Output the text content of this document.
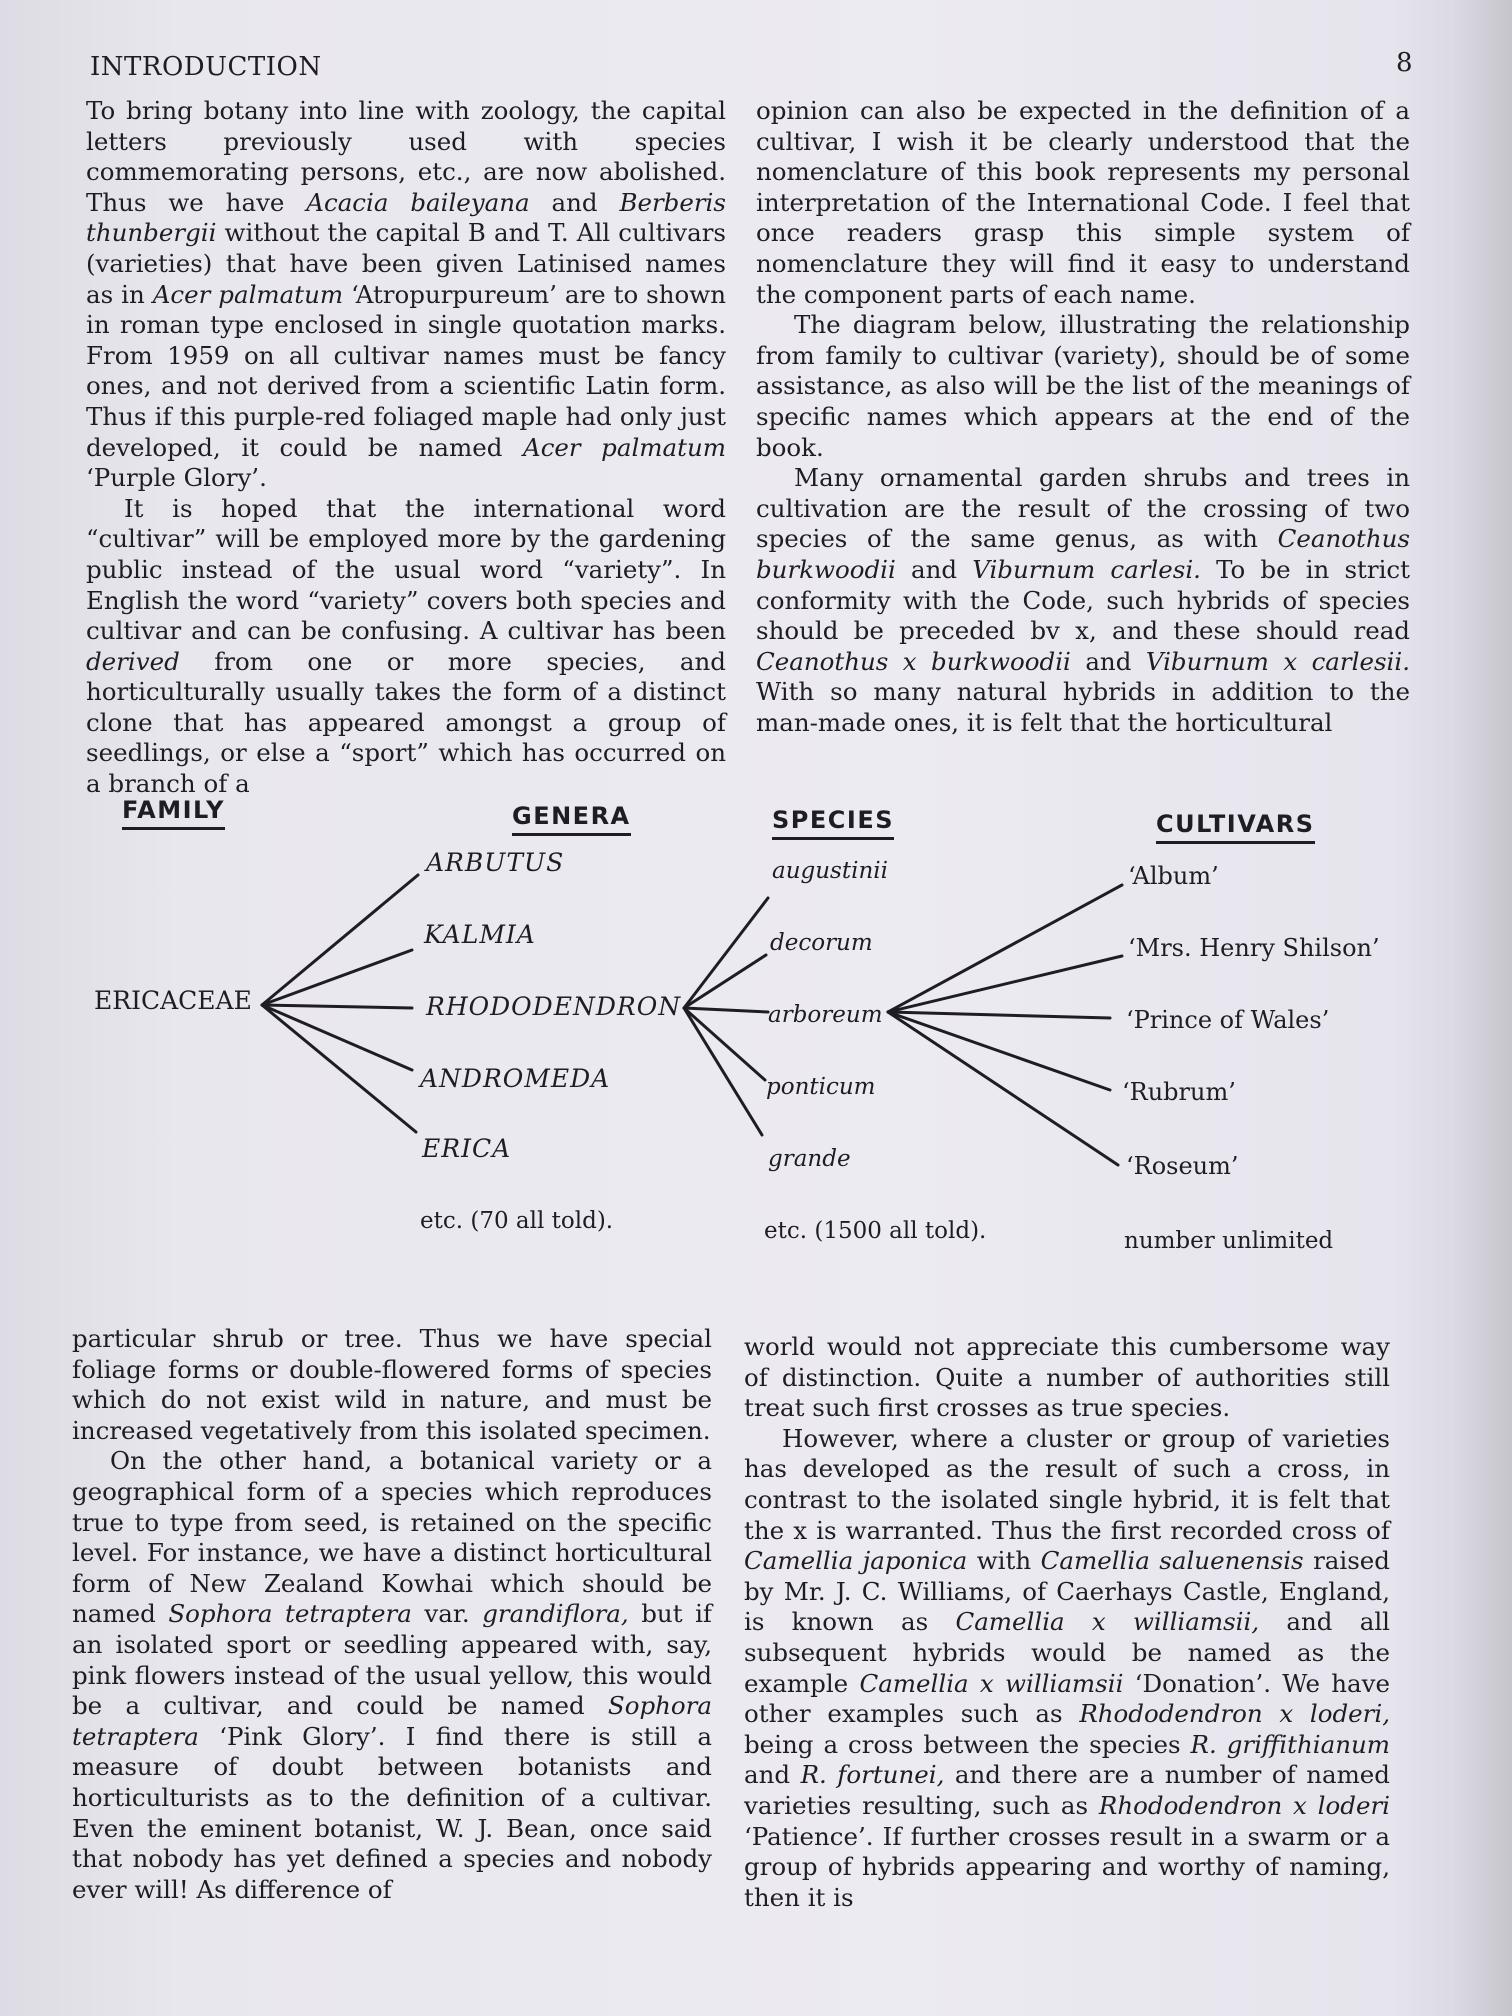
INTRODUCTION	8

To bring botany into line with zoology, the capital letters previously used with species commemorating persons, etc., are now abolished. Thus we have Acacia baileyana and Berberis thunbergii without the capital B and T. All cultivars (varieties) that have been given Latinised names as in Acer palmatum ‘Atropurpureum’ are to shown in roman type enclosed in single quotation marks. From 1959 on all cultivar names must be fancy ones, and not derived from a scientific Latin form. Thus if this purple-red foliaged maple had only just developed, it could be named Acer palmatum ‘Purple Glory’.

It is hoped that the international word “cultivar” will be employed more by the gardening public instead of the usual word “variety”. In English the word “variety” covers both species and cultivar and can be confusing. A cultivar has been derived from one or more species, and horticulturally usually takes the form of a distinct clone that has appeared amongst a group of seedlings, or else a “sport” which has occurred on a branch of a

opinion can also be expected in the definition of a cultivar, I wish it be clearly understood that the nomenclature of this book represents my personal interpretation of the International Code. I feel that once readers grasp this simple system of nomenclature they will find it easy to understand the component parts of each name.

The diagram below, illustrating the relationship from family to cultivar (variety), should be of some assistance, as also will be the list of the meanings of specific names which appears at the end of the book.

Many ornamental garden shrubs and trees in cultivation are the result of the crossing of two species of the same genus, as with Ceanothus burkwoodii and Viburnum carlesi. To be in strict conformity with the Code, such hybrids of species should be preceded bv x, and these should read Ceanothus x burkwoodii and Viburnum x carlesii. With so many natural hybrids in addition to the man-made ones, it is felt that the horticultural

FAMILY	GENERA	SPECIES	CULTIVARS
ERICACEAE
ARBUTUS
KALMIA
RHODODENDRON
ANDROMEDA
ERICA
etc. (70 all told).
augustinii
decorum
arboreum
ponticum
grande
etc. (1500 all told).
‘Album’
‘Mrs. Henry Shilson’
‘Prince of Wales’
‘Rubrum’
‘Roseum’
number unlimited

particular shrub or tree. Thus we have special foliage forms or double-flowered forms of species which do not exist wild in nature, and must be increased vegetatively from this isolated specimen.

On the other hand, a botanical variety or a geographical form of a species which reproduces true to type from seed, is retained on the specific level. For instance, we have a distinct horticultural form of New Zealand Kowhai which should be named Sophora tetraptera var. grandiflora, but if an isolated sport or seedling appeared with, say, pink flowers instead of the usual yellow, this would be a cultivar, and could be named Sophora tetraptera ‘Pink Glory’. I find there is still a measure of doubt between botanists and horticulturists as to the definition of a cultivar. Even the eminent botanist, W. J. Bean, once said that nobody has yet defined a species and nobody ever will! As difference of

world would not appreciate this cumbersome way of distinction. Quite a number of authorities still treat such first crosses as true species.

However, where a cluster or group of varieties has developed as the result of such a cross, in contrast to the isolated single hybrid, it is felt that the x is warranted. Thus the first recorded cross of Camellia japonica with Camellia saluenensis raised by Mr. J. C. Williams, of Caerhays Castle, England, is known as Camellia x williamsii, and all subsequent hybrids would be named as the example Camellia x williamsii ‘Donation’. We have other examples such as Rhododendron x loderi, being a cross between the species R. griffithianum and R. fortunei, and there are a number of named varieties resulting, such as Rhododendron x loderi ‘Patience’. If further crosses result in a swarm or a group of hybrids appearing and worthy of naming, then it is
